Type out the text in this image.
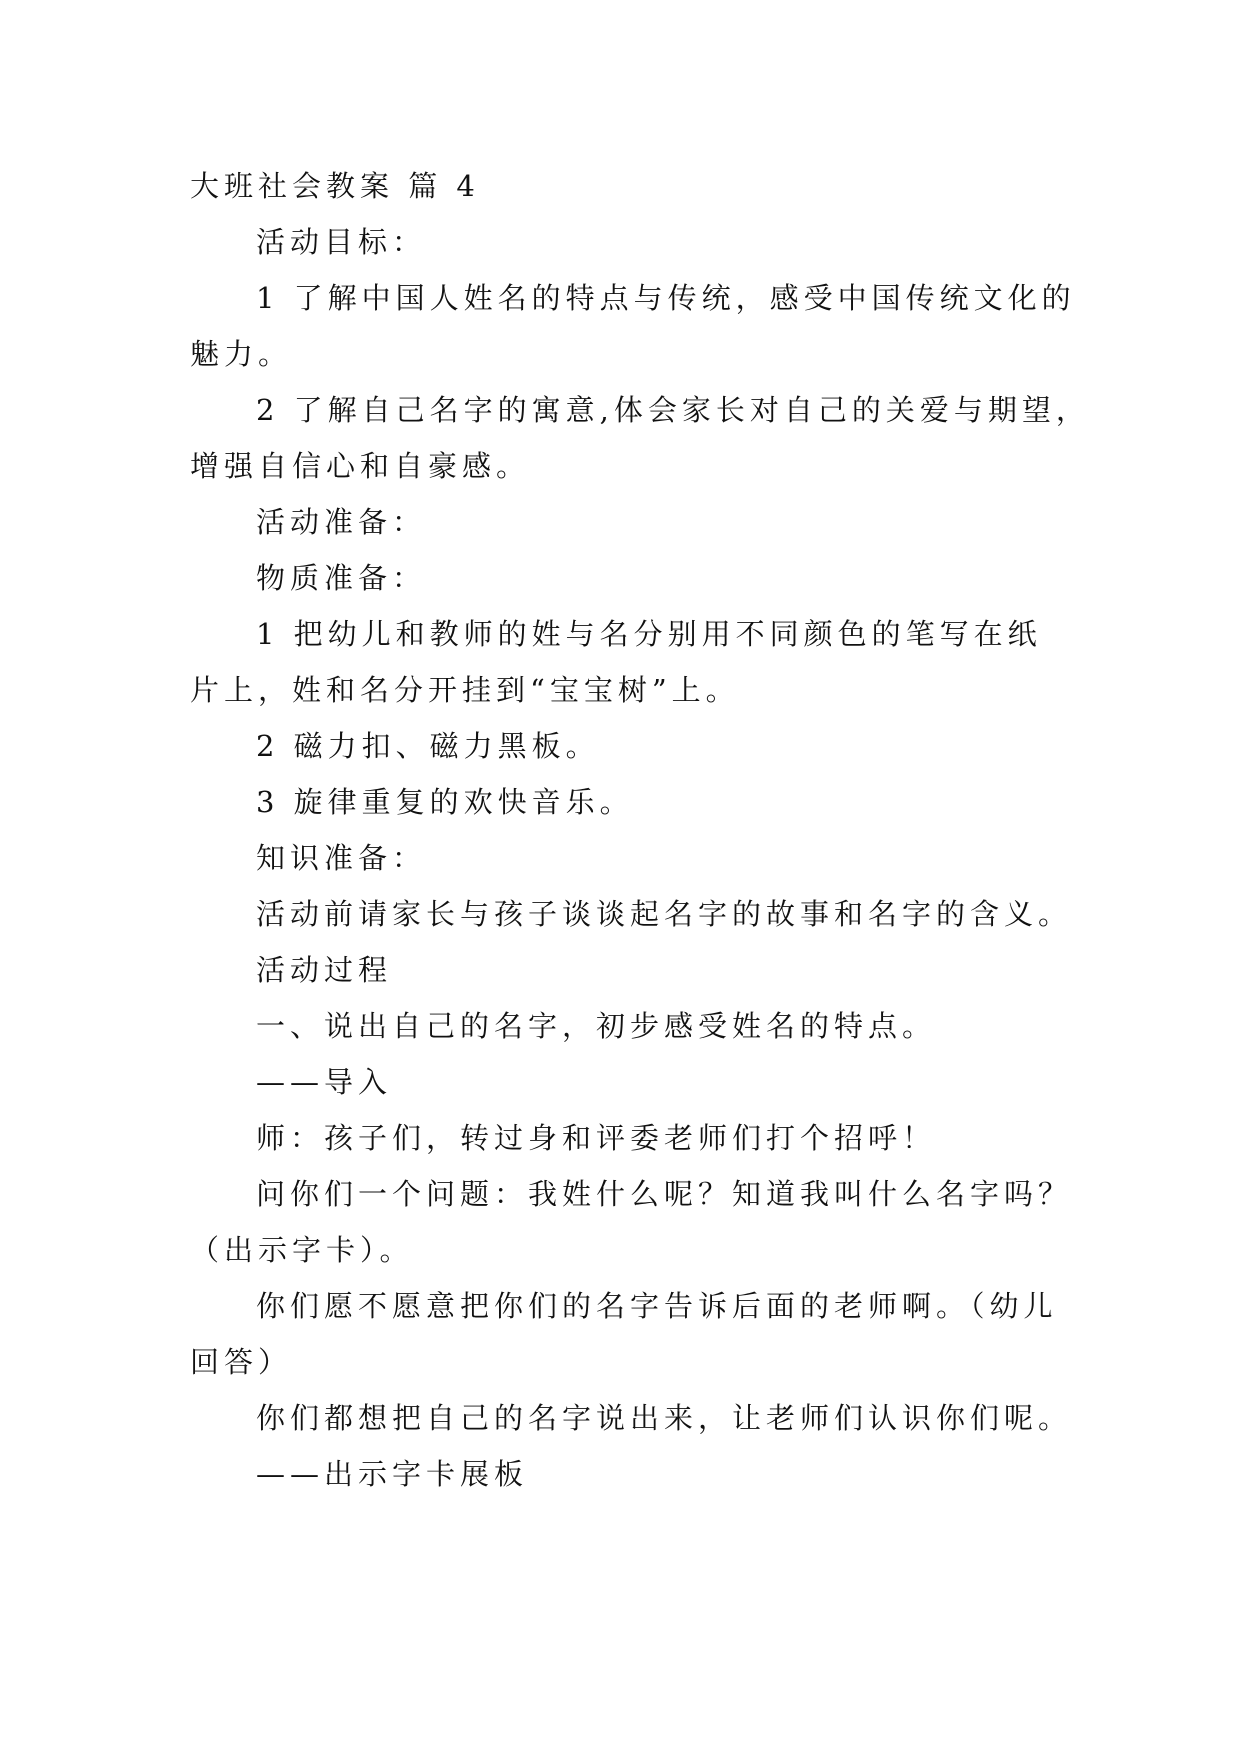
大班社会教案 篇 4
活动目标：
1 了解中国人姓名的特点与传统，感受中国传统文化的
魅力。
2 了解自己名字的寓意,体会家长对自己的关爱与期望，
增强自信心和自豪感。
活动准备：
物质准备：
1 把幼儿和教师的姓与名分别用不同颜色的笔写在纸
片上，姓和名分开挂到“宝宝树”上。
2 磁力扣、磁力黑板。
3 旋律重复的欢快音乐。
知识准备：
活动前请家长与孩子谈谈起名字的故事和名字的含义。
活动过程
一、说出自己的名字，初步感受姓名的特点。
——导入
师：孩子们，转过身和评委老师们打个招呼！
问你们一个问题：我姓什么呢？知道我叫什么名字吗？
（出示字卡）。
你们愿不愿意把你们的名字告诉后面的老师啊。（幼儿
回答）
你们都想把自己的名字说出来，让老师们认识你们呢。
——出示字卡展板
